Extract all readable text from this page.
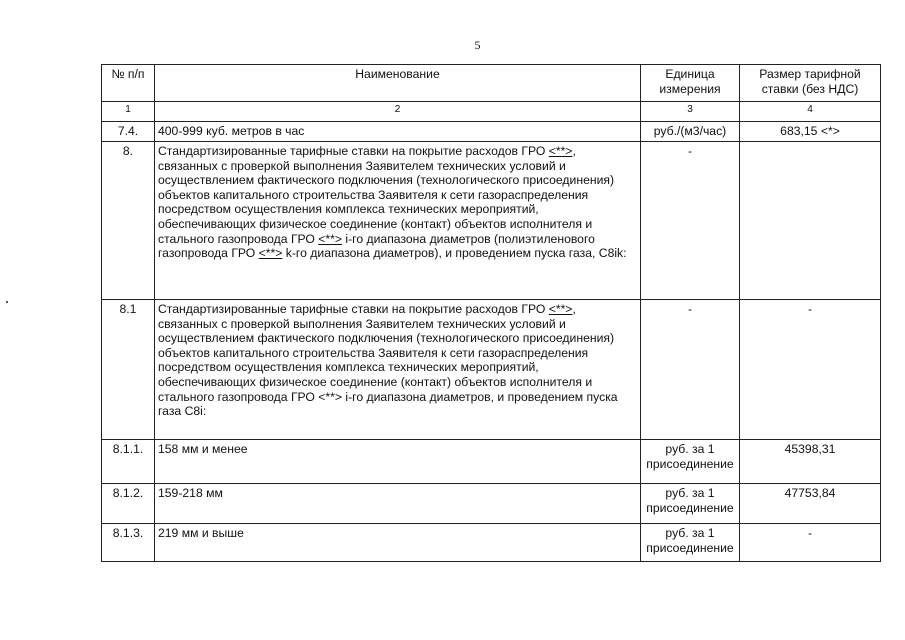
5
№ п/п	Наименование	Единица измерения	Размер тарифной ставки (без НДС)
1	2	3	4
7.4.	400-999 куб. метров в час	руб./(м3/час)	683,15 <*>
8.	Стандартизированные тарифные ставки на покрытие расходов ГРО <**>, связанных с проверкой выполнения Заявителем технических условий и осуществлением фактического подключения (технологического присоединения) объектов капитального строительства Заявителя к сети газораспределения посредством осуществления комплекса технических мероприятий, обеспечивающих физическое соединение (контакт) объектов исполнителя и стального газопровода ГРО <**> i-го диапазона диаметров (полиэтиленового газопровода ГРО <**> k-го диапазона диаметров), и проведением пуска газа, C8ik:	-	
8.1	Стандартизированные тарифные ставки на покрытие расходов ГРО <**>, связанных с проверкой выполнения Заявителем технических условий и осуществлением фактического подключения (технологического присоединения) объектов капитального строительства Заявителя к сети газораспределения посредством осуществления комплекса технических мероприятий, обеспечивающих физическое соединение (контакт) объектов исполнителя и стального газопровода ГРО <**> i-го диапазона диаметров, и проведением пуска газа C8i:	-	-
8.1.1.	158 мм и менее	руб. за 1 присоединение	45398,31
8.1.2.	159-218 мм	руб. за 1 присоединение	47753,84
8.1.3.	219 мм и выше	руб. за 1 присоединение	-
